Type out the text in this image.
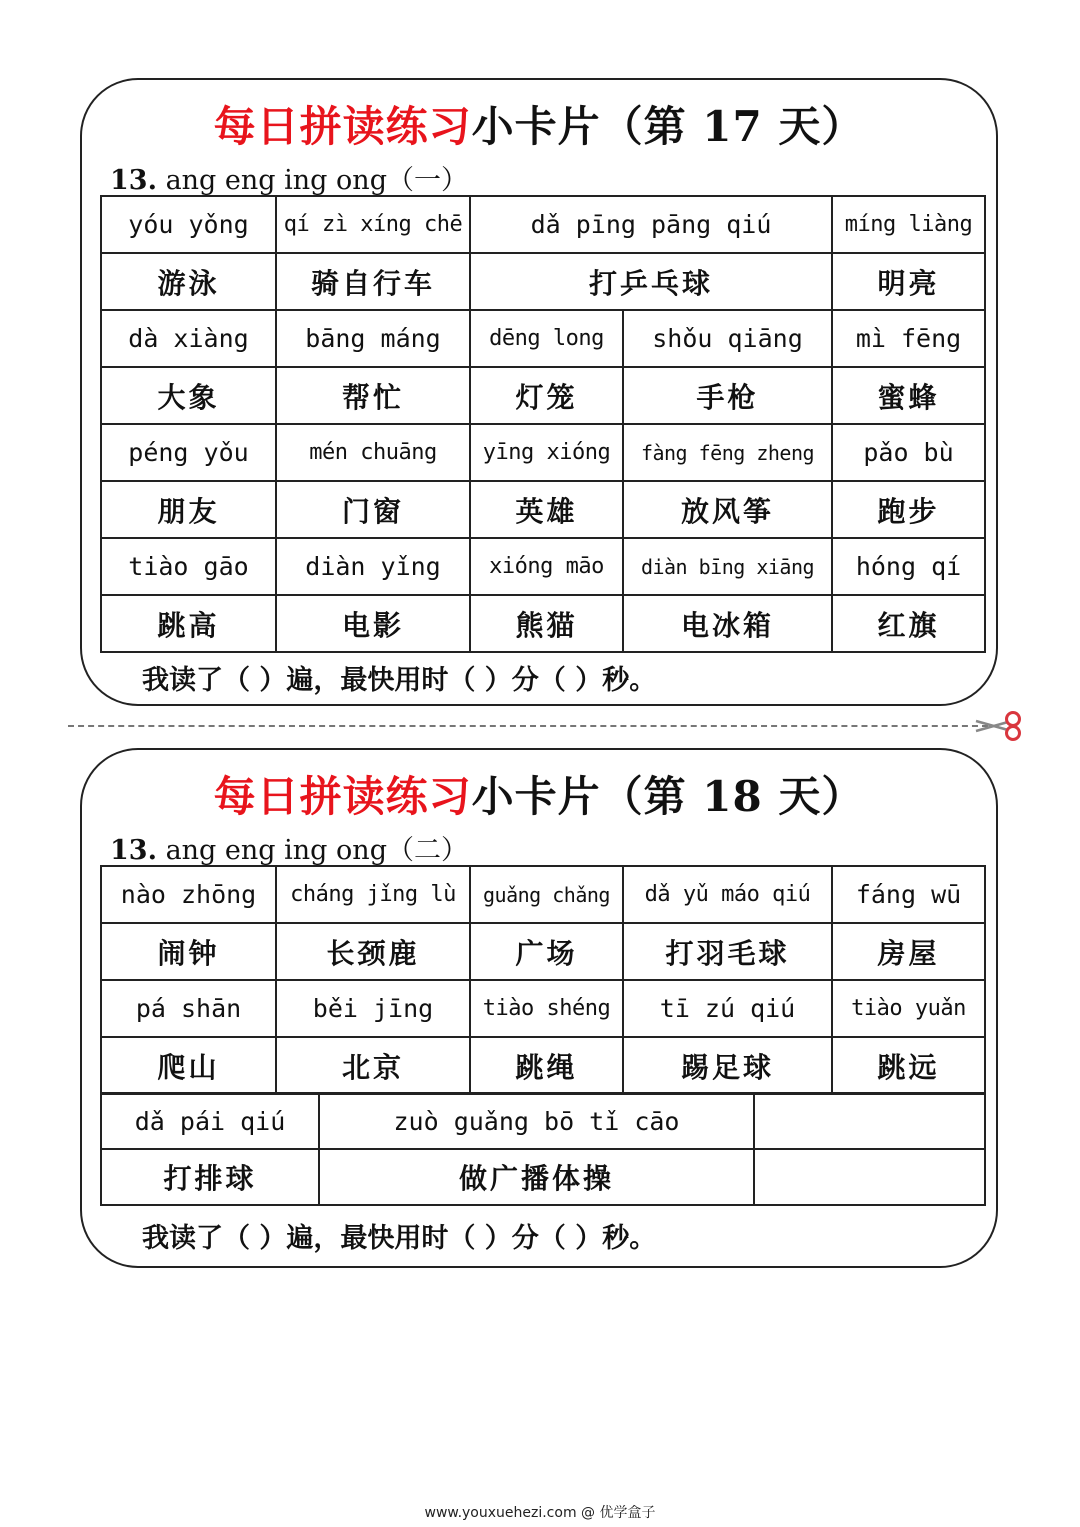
每日拼读练习小卡片（第 17 天）
13. ang eng ing ong（一）
yóu yǒng	qí zì xíng chē	dǎ pīng pāng qiú		míng liàng
游泳	骑自行车	打乒乓球		明亮
dà xiàng	bāng máng	dēng long	shǒu qiāng	mì fēng
大象	帮忙	灯笼	手枪	蜜蜂
péng yǒu	mén chuāng	yīng xióng	fàng fēng zheng	pǎo bù
朋友	门窗	英雄	放风筝	跑步
tiào gāo	diàn yǐng	xióng māo	diàn bīng xiāng	hóng qí
跳高	电影	熊猫	电冰箱	红旗
我读了（ ）遍，最快用时（ ）分（ ）秒。
每日拼读练习小卡片（第 18 天）
13. ang eng ing ong（二）
nào zhōng	cháng jǐng lù	guǎng chǎng	dǎ yǔ máo qiú	fáng wū
闹钟	长颈鹿	广场	打羽毛球	房屋
pá shān	běi jīng	tiào shéng	tī zú qiú	tiào yuǎn
爬山	北京	跳绳	踢足球	跳远
dǎ pái qiú	zuò guǎng bō tǐ cāo	
打排球	做广播体操	
我读了（ ）遍，最快用时（ ）分（ ）秒。
www.youxuehezi.com @ 优学盒子
